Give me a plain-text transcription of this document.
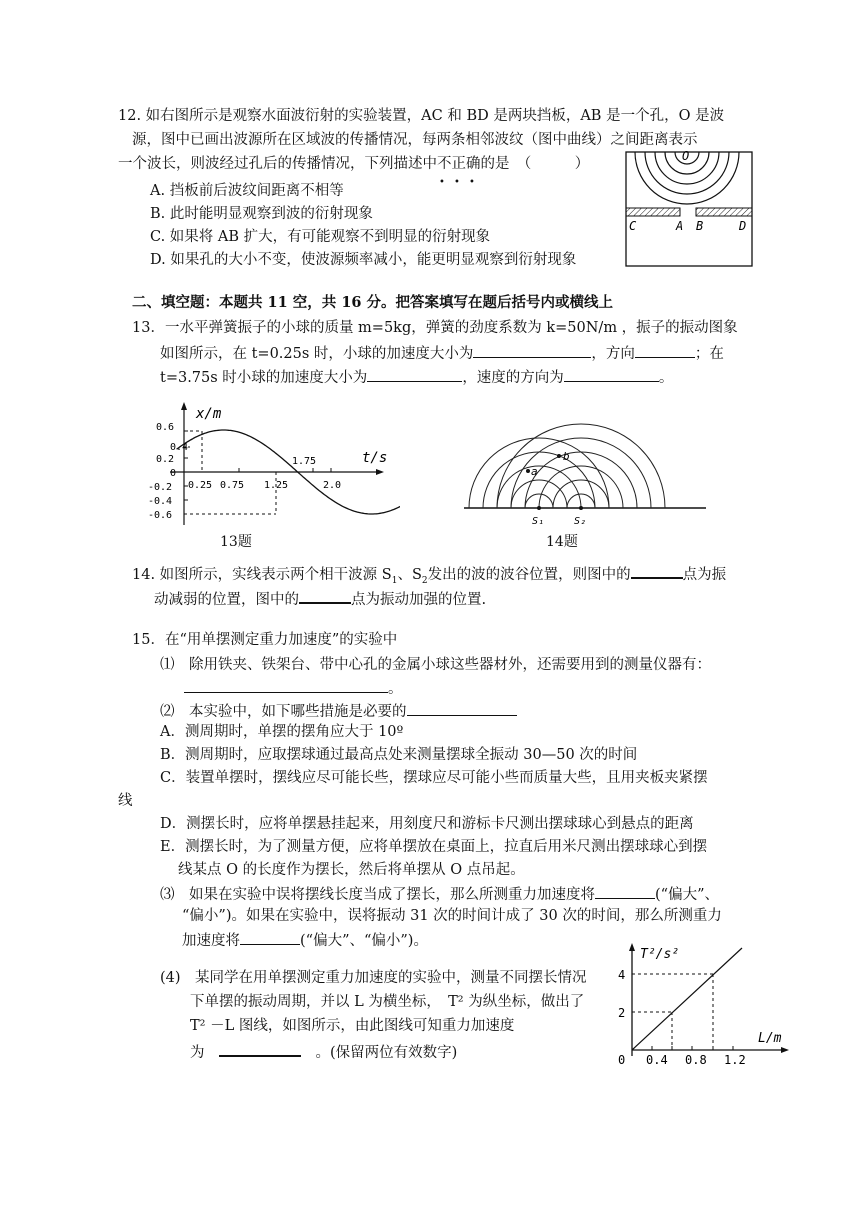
12. 如右图所示是观察水面波衍射的实验装置，AC 和 BD 是两块挡板，AB 是一个孔，O 是波
源，图中已画出波源所在区域波的传播情况，每两条相邻波纹（图中曲线）之间距离表示
一个波长，则波经过孔后的传播情况，下列描述中不正确
• • •
的是　（　　　）
A. 挡板前后波纹间距离不相等
B. 此时能明显观察到波的衍射现象
C. 如果将 AB 扩大，有可能观察不到明显的衍射现象
D. 如果孔的大小不变，使波源频率减小，能更明显观察到衍射现象
O
C	A B	D
二、填空题：本题共 11 空，共 16 分。把答案填写在题后括号内或横线上
13．一水平弹簧振子的小球的质量 m=5kg，弹簧的劲度系数为 k=50N/m ，振子的振动图象
如图所示，在 t=0.25s 时，小球的加速度大小为	，方向	；在
t=3.75s 时小球的加速度大小为	，速度的方向为	。
x/m
t/s
0.6
0.4
0.2
0
-0.2
-0.4
-0.6
0.25 0.75 1.25
1.75
2.0
13题
a
b
S₁	S₂
14题
14. 如图所示，实线表示两个相干波源 $S_1$、$S_2$发出的波的波谷位置，则图中的	点为振
动减弱的位置，图中的	点为振动加强的位置.
15．在“用单摆测定重力加速度”的实验中
⑴　除用铁夹、铁架台、带中心孔的金属小球这些器材外，还需要用到的测量仪器有：
。
⑵　本实验中，如下哪些措施是必要的
A．测周期时，单摆的摆角应大于 10º
B．测周期时，应取摆球通过最高点处来测量摆球全振动 30—50 次的时间
C．装置单摆时，摆线应尽可能长些，摆球应尽可能小些而质量大些，且用夹板夹紧摆
线
D．测摆长时，应将单摆悬挂起来，用刻度尺和游标卡尺测出摆球球心到悬点的距离
E．测摆长时，为了测量方便，应将单摆放在桌面上，拉直后用米尺测出摆球球心到摆
线某点 O 的长度作为摆长，然后将单摆从 O 点吊起。
⑶　如果在实验中误将摆线长度当成了摆长，那么所测重力加速度将	(“偏大”、
“偏小”)。如果在实验中，误将振动 31 次的时间计成了 30 次的时间，那么所测重力
加速度将	(“偏大”、“偏小”)。
(4)　某同学在用单摆测定重力加速度的实验中，测量不同摆长情况
下单摆的振动周期，并以 L 为横坐标，　T² 为纵坐标，做出了
T² －L 图线，如图所示，由此图线可知重力加速度
为　　	。(保留两位有效数字)
T²/s²
L/m
4
2
0 0.4 0.8 1.2
